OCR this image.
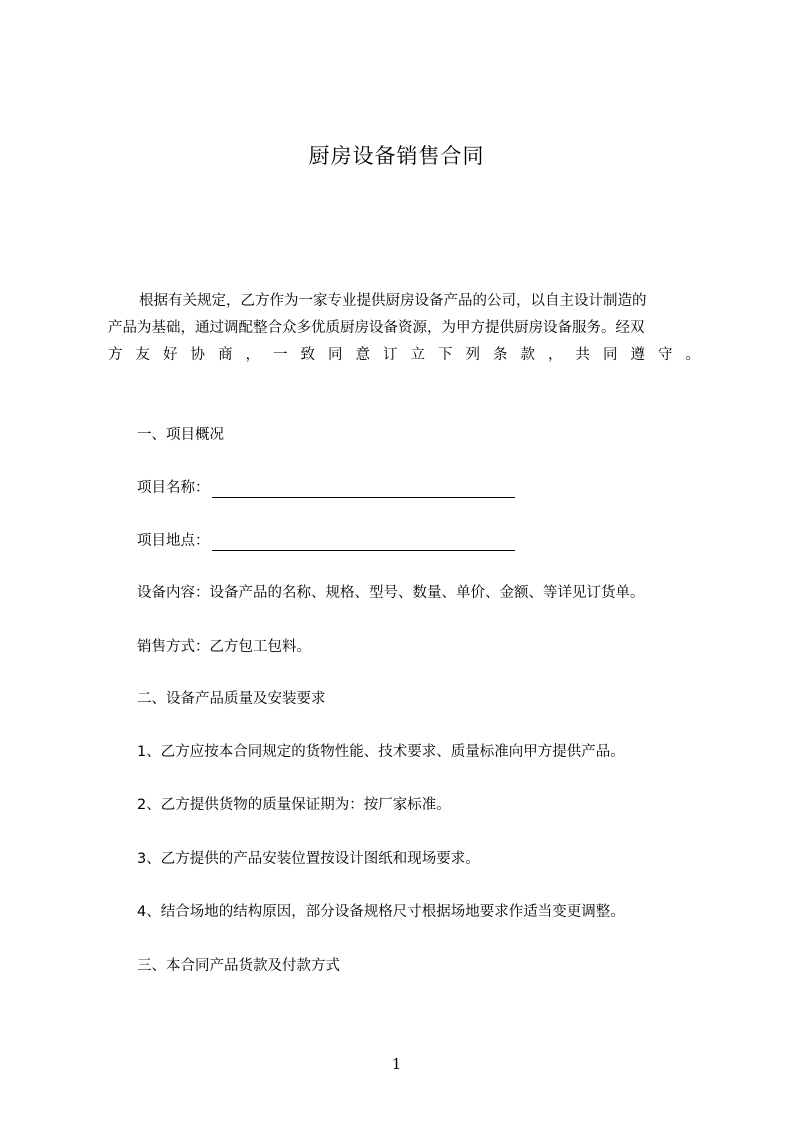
厨房设备销售合同
根据有关规定，乙方作为一家专业提供厨房设备产品的公司，以自主设计制造的
产品为基础，通过调配整合众多优质厨房设备资源，为甲方提供厨房设备服务。经双
方友好协商，一致同意订立下列条款，共同遵守。
一、项目概况
项目名称：
项目地点：
设备内容：设备产品的名称、规格、型号、数量、单价、金额、等详见订货单。
销售方式：乙方包工包料。
二、设备产品质量及安装要求
1、乙方应按本合同规定的货物性能、技术要求、质量标准向甲方提供产品。
2、乙方提供货物的质量保证期为：按厂家标准。
3、乙方提供的产品安装位置按设计图纸和现场要求。
4、结合场地的结构原因，部分设备规格尺寸根据场地要求作适当变更调整。
三、本合同产品货款及付款方式
1
